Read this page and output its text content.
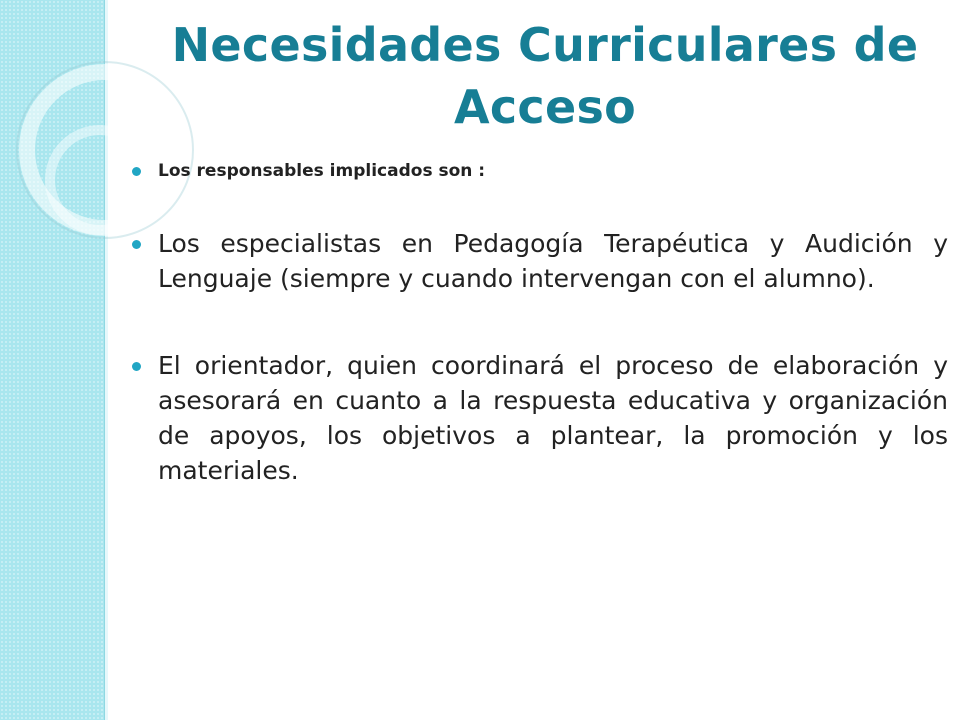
Necesidades Curriculares de Acceso
Los responsables implicados son :
Los especialistas en Pedagogía Terapéutica y Audición y Lenguaje (siempre y cuando intervengan con el alumno).
El orientador, quien coordinará el proceso de elaboración y asesorará en cuanto a la respuesta educativa y organización de apoyos, los objetivos a plantear, la promoción y los materiales.
